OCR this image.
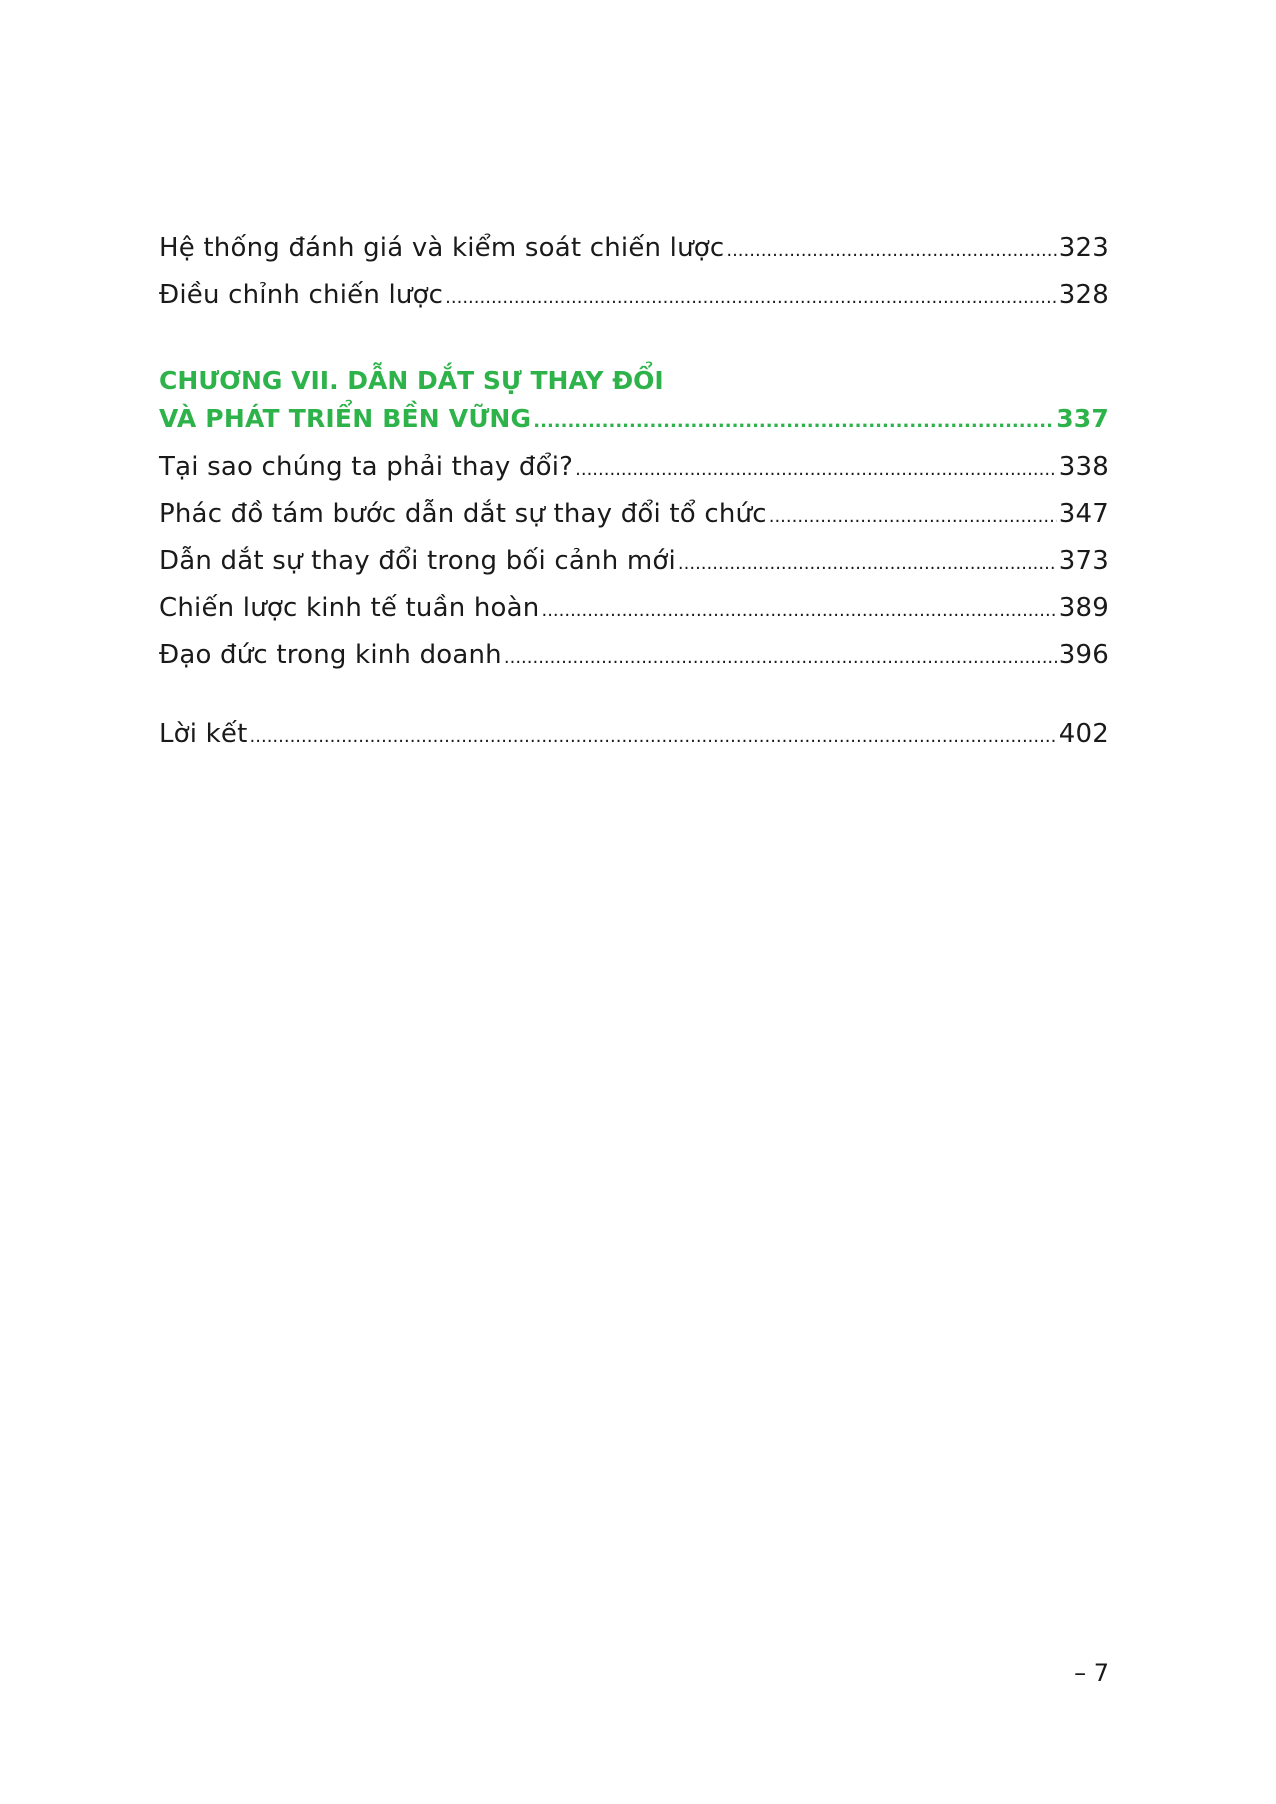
Hệ thống đánh giá và kiểm soát chiến lược .....	323
Điều chỉnh chiến lược .....	328
CHƯƠNG VII. DẪN DẮT SỰ THAY ĐỔI
VÀ PHÁT TRIỂN BỀN VỮNG .....	337
Tại sao chúng ta phải thay đổi? .....	338
Phác đồ tám bước dẫn dắt sự thay đổi tổ chức .....	347
Dẫn dắt sự thay đổi trong bối cảnh mới .....	373
Chiến lược kinh tế tuần hoàn .....	389
Đạo đức trong kinh doanh .....	396
Lời kết .....	402
– 7
